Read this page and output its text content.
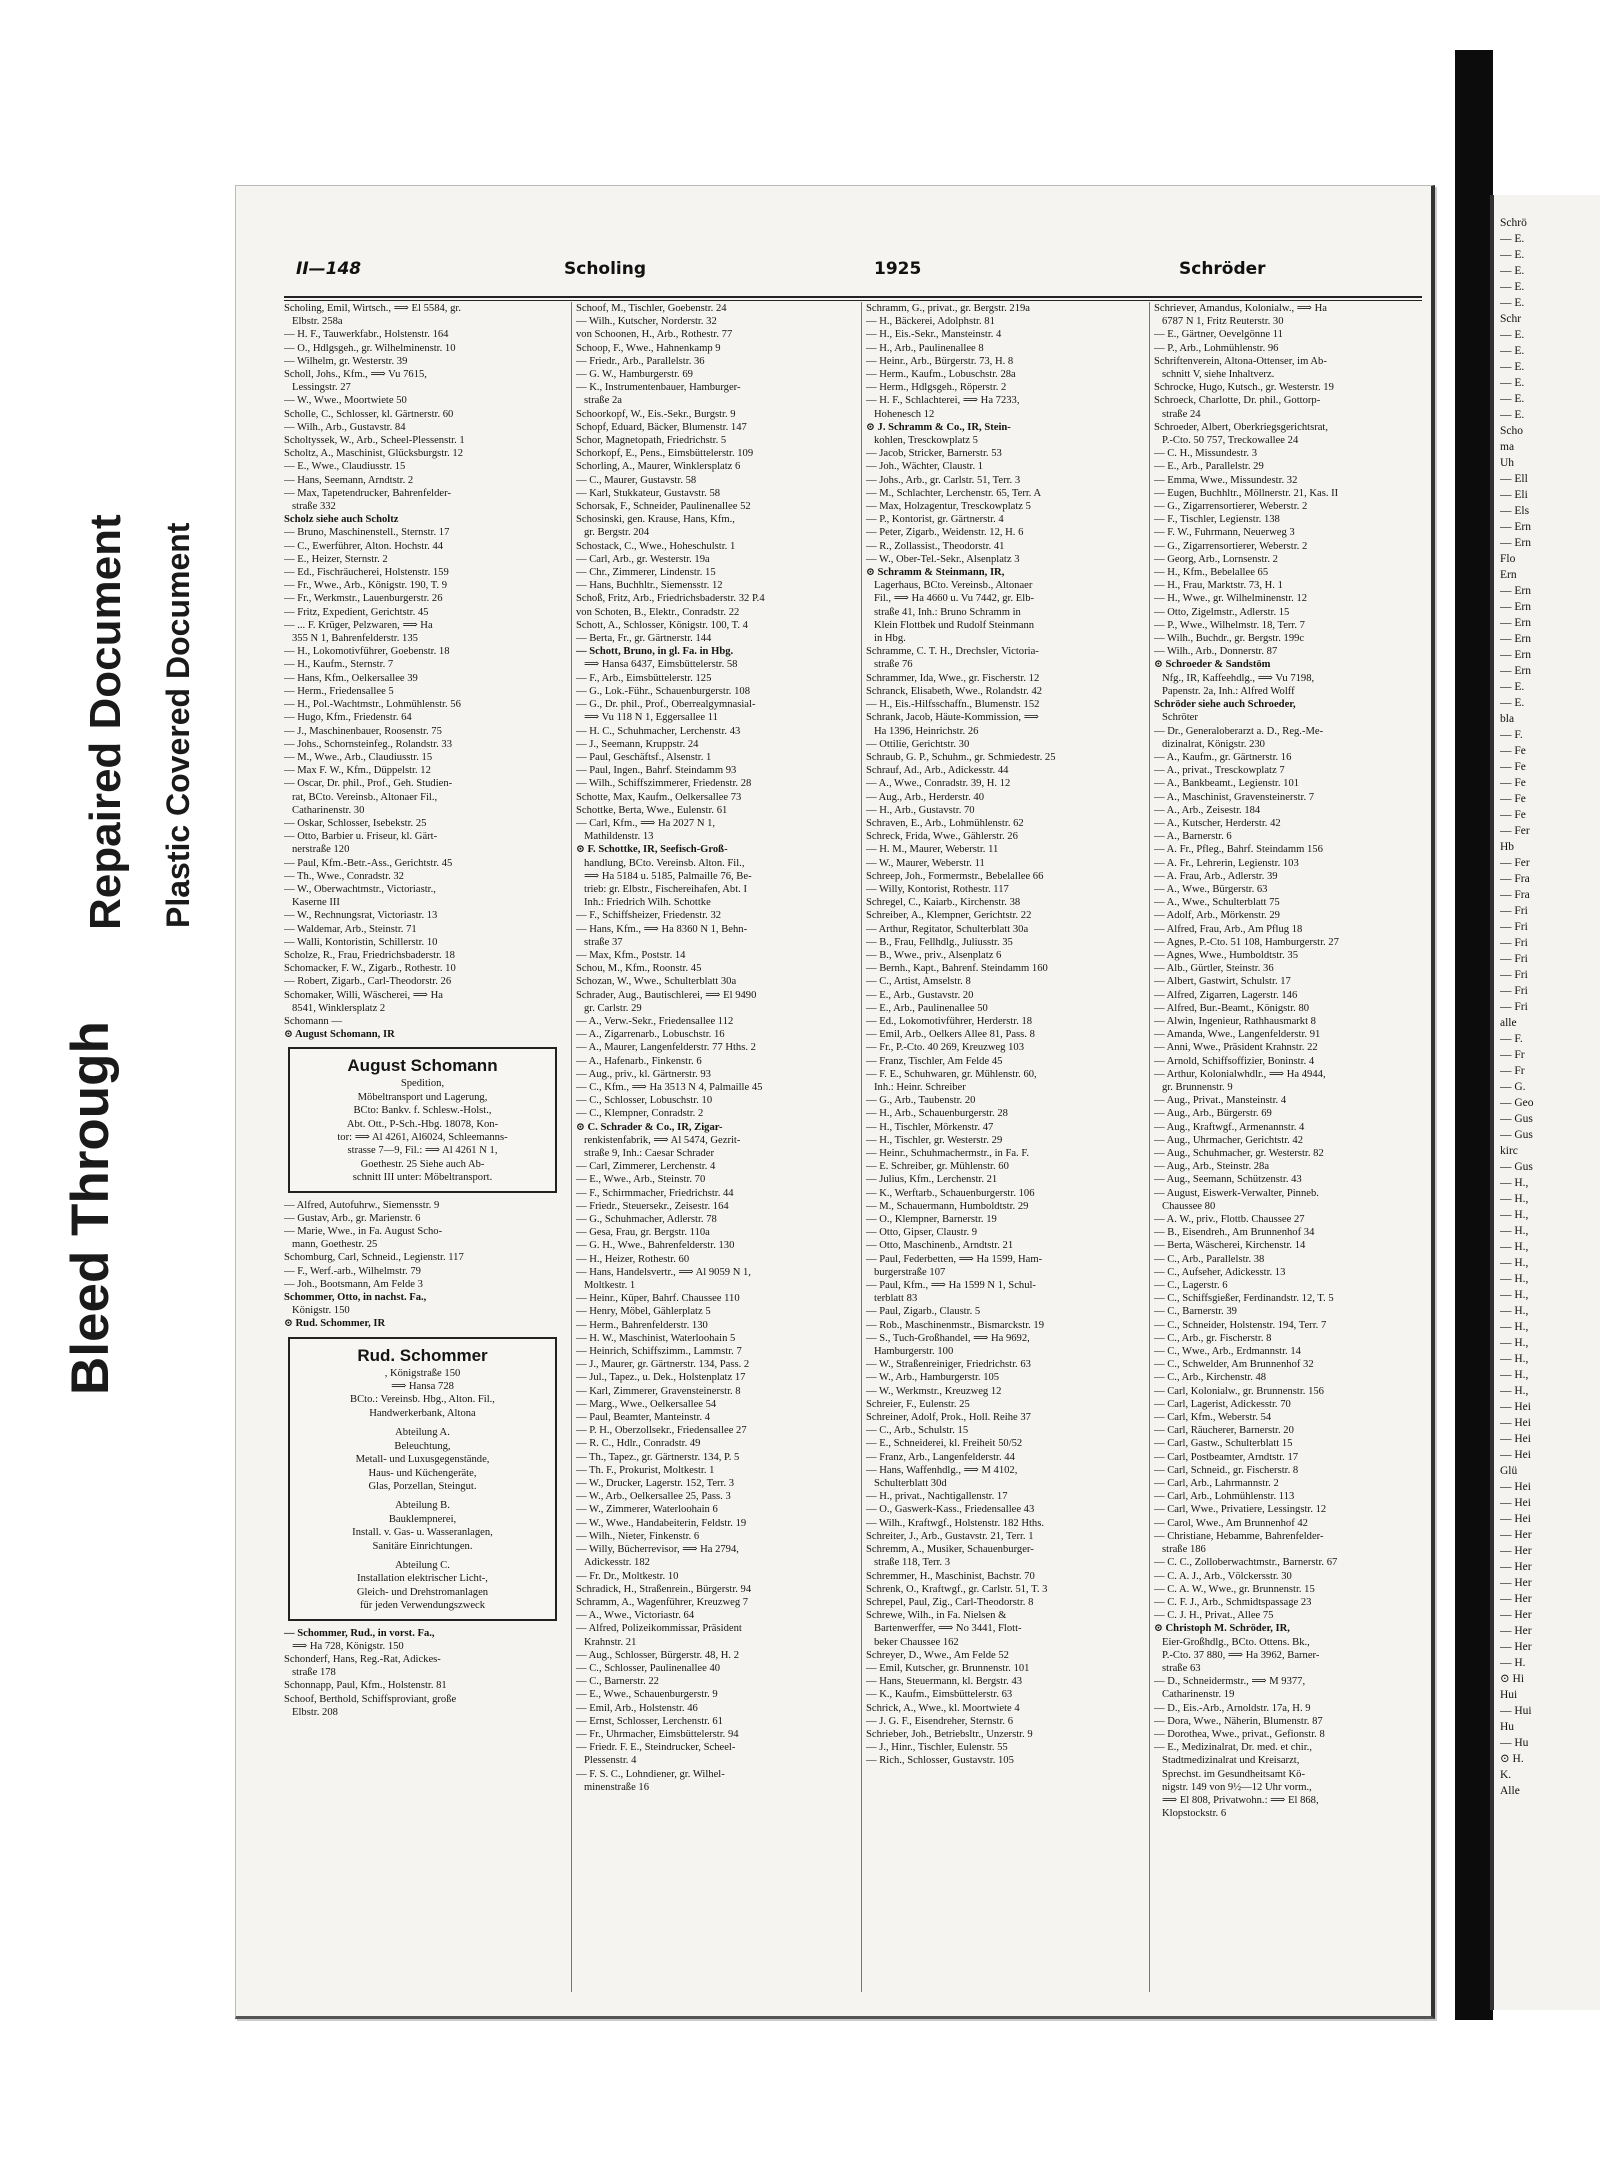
Bleed Through
Repaired Document Plastic Covered Document
II—148	Scholing	1925	Schröder
Scholing, Emil, Wirtsch., ⟹ El 5584, gr.
Elbstr. 258a
— H. F., Tauwerkfabr., Holstenstr. 164
— O., Hdlgsgeh., gr. Wilhelminenstr. 10
— Wilhelm, gr. Westerstr. 39
Scholl, Johs., Kfm., ⟹ Vu 7615,
Lessingstr. 27
— W., Wwe., Moortwiete 50
Scholle, C., Schlosser, kl. Gärtnerstr. 60
— Wilh., Arb., Gustavstr. 84
Scholtyssek, W., Arb., Scheel-Plessenstr. 1
Scholtz, A., Maschinist, Glücksburgstr. 12
— E., Wwe., Claudiusstr. 15
— Hans, Seemann, Arndtstr. 2
— Max, Tapetendrucker, Bahrenfelder-
straße 332
Scholz siehe auch Scholtz
— Bruno, Maschinenstell., Sternstr. 17
— C., Ewerführer, Alton. Hochstr. 44
— E., Heizer, Sternstr. 2
— Ed., Fischräucherei, Holstenstr. 159
— Fr., Wwe., Arb., Königstr. 190, T. 9
— Fr., Werkmstr., Lauenburgerstr. 26
— Fritz, Expedient, Gerichtstr. 45
— ... F. Krüger, Pelzwaren, ⟹ Ha
355 N 1, Bahrenfelderstr. 135
— H., Lokomotivführer, Goebenstr. 18
— H., Kaufm., Sternstr. 7
— Hans, Kfm., Oelkersallee 39
— Herm., Friedensallee 5
— H., Pol.-Wachtmstr., Lohmühlenstr. 56
— Hugo, Kfm., Friedenstr. 64
— J., Maschinenbauer, Roosenstr. 75
— Johs., Schornsteinfeg., Rolandstr. 33
— M., Wwe., Arb., Claudiusstr. 15
— Max F. W., Kfm., Düppelstr. 12
— Oscar, Dr. phil., Prof., Geh. Studien-
rat, BCto. Vereinsb., Altonaer Fil.,
Catharinenstr. 30
— Oskar, Schlosser, Isebekstr. 25
— Otto, Barbier u. Friseur, kl. Gärt-
nerstraße 120
— Paul, Kfm.-Betr.-Ass., Gerichtstr. 45
— Th., Wwe., Conradstr. 32
— W., Oberwachtmstr., Victoriastr.,
Kaserne III
— W., Rechnungsrat, Victoriastr. 13
— Waldemar, Arb., Steinstr. 71
— Walli, Kontoristin, Schillerstr. 10
Scholze, R., Frau, Friedrichsbaderstr. 18
Schomacker, F. W., Zigarb., Rothestr. 10
— Robert, Zigarb., Carl-Theodorstr. 26
Schomaker, Willi, Wäscherei, ⟹ Ha
8541, Winklersplatz 2
Schomann —
⊙ August Schomann, IR
August Schomann
Spedition,
Möbeltransport und Lagerung,
BCto: Bankv. f. Schlesw.-Holst.,
Abt. Ott., P-Sch.-Hbg. 18078, Kon-
tor: ⟹ Al 4261, Al6024, Schleemanns-
strasse 7—9, Fil.: ⟹ Al 4261 N 1,
Goethestr. 25 Siehe auch Ab-
schnitt III unter: Möbeltransport.
— Alfred, Autofuhrw., Siemensstr. 9
— Gustav, Arb., gr. Marienstr. 6
— Marie, Wwe., in Fa. August Scho-
mann, Goethestr. 25
Schomburg, Carl, Schneid., Legienstr. 117
— F., Werf.-arb., Wilhelmstr. 79
— Joh., Bootsmann, Am Felde 3
Schommer, Otto, in nachst. Fa.,
Königstr. 150
⊙ Rud. Schommer, IR
Rud. Schommer
, Königstraße 150
⟹ Hansa 728
BCto.: Vereinsb. Hbg., Alton. Fil.,
Handwerkerbank, Altona
Abteilung A.
Beleuchtung,
Metall- und Luxusgegenstände,
Haus- und Küchengeräte,
Glas, Porzellan, Steingut.
Abteilung B.
Bauklempnerei,
Install. v. Gas- u. Wasseranlagen,
Sanitäre Einrichtungen.
Abteilung C.
Installation elektrischer Licht-,
Gleich- und Drehstromanlagen
für jeden Verwendungszweck
— Schommer, Rud., in vorst. Fa.,
⟹ Ha 728, Königstr. 150
Schonderf, Hans, Reg.-Rat, Adickes-
straße 178
Schonnapp, Paul, Kfm., Holstenstr. 81
Schoof, Berthold, Schiffsproviant, große
Elbstr. 208
Schoof, M., Tischler, Goebenstr. 24
— Wilh., Kutscher, Norderstr. 32
von Schoonen, H., Arb., Rothestr. 77
Schoop, F., Wwe., Hahnenkamp 9
— Friedr., Arb., Parallelstr. 36
— G. W., Hamburgerstr. 69
— K., Instrumentenbauer, Hamburger-
straße 2a
Schoorkopf, W., Eis.-Sekr., Burgstr. 9
Schopf, Eduard, Bäcker, Blumenstr. 147
Schor, Magnetopath, Friedrichstr. 5
Schorkopf, E., Pens., Eimsbüttelerstr. 109
Schorling, A., Maurer, Winklersplatz 6
— C., Maurer, Gustavstr. 58
— Karl, Stukkateur, Gustavstr. 58
Schorsak, F., Schneider, Paulinenallee 52
Schosinski, gen. Krause, Hans, Kfm.,
gr. Bergstr. 204
Schostack, C., Wwe., Hoheschulstr. 1
— Carl, Arb., gr. Westerstr. 19a
— Chr., Zimmerer, Lindenstr. 15
— Hans, Buchhltr., Siemensstr. 12
Schoß, Fritz, Arb., Friedrichsbaderstr. 32 P.4
von Schoten, B., Elektr., Conradstr. 22
Schott, A., Schlosser, Königstr. 100, T. 4
— Berta, Fr., gr. Gärtnerstr. 144
— Schott, Bruno, in gl. Fa. in Hbg.
⟹ Hansa 6437, Eimsbüttelerstr. 58
— F., Arb., Eimsbüttelerstr. 125
— G., Lok.-Führ., Schauenburgerstr. 108
— G., Dr. phil., Prof., Oberrealgymnasial-
⟹ Vu 118 N 1, Eggersallee 11
— H. C., Schuhmacher, Lerchenstr. 43
— J., Seemann, Kruppstr. 24
— Paul, Geschäftsf., Alsenstr. 1
— Paul, Ingen., Bahrf. Steindamm 93
— Wilh., Schiffszimmerer, Friedenstr. 28
Schotte, Max, Kaufm., Oelkersallee 73
Schottke, Berta, Wwe., Eulenstr. 61
— Carl, Kfm., ⟹ Ha 2027 N 1,
Mathildenstr. 13
⊙ F. Schottke, IR, Seefisch-Groß-
handlung, BCto. Vereinsb. Alton. Fil.,
⟹ Ha 5184 u. 5185, Palmaille 76, Be-
trieb: gr. Elbstr., Fischereihafen, Abt. I
Inh.: Friedrich Wilh. Schottke
— F., Schiffsheizer, Friedenstr. 32
— Hans, Kfm., ⟹ Ha 8360 N 1, Behn-
straße 37
— Max, Kfm., Poststr. 14
Schou, M., Kfm., Roonstr. 45
Schozan, W., Wwe., Schulterblatt 30a
Schrader, Aug., Bautischlerei, ⟹ El 9490
gr. Carlstr. 29
— A., Verw.-Sekr., Friedensallee 112
— A., Zigarrenarb., Lobuschstr. 16
— A., Maurer, Langenfelderstr. 77 Hths. 2
— A., Hafenarb., Finkenstr. 6
— Aug., priv., kl. Gärtnerstr. 93
— C., Kfm., ⟹ Ha 3513 N 4, Palmaille 45
— C., Schlosser, Lobuschstr. 10
— C., Klempner, Conradstr. 2
⊙ C. Schrader & Co., IR, Zigar-
renkistenfabrik, ⟹ Al 5474, Gezrit-
straße 9, Inh.: Caesar Schrader
— Carl, Zimmerer, Lerchenstr. 4
— E., Wwe., Arb., Steinstr. 70
— F., Schirmmacher, Friedrichstr. 44
— Friedr., Steuersekr., Zeisestr. 164
— G., Schuhmacher, Adlerstr. 78
— Gesa, Frau, gr. Bergstr. 110a
— G. H., Wwe., Bahrenfelderstr. 130
— H., Heizer, Rothestr. 60
— Hans, Handelsvertr., ⟹ Al 9059 N 1,
Moltkestr. 1
— Heinr., Küper, Bahrf. Chaussee 110
— Henry, Möbel, Gählerplatz 5
— Herm., Bahrenfelderstr. 130
— H. W., Maschinist, Waterloohain 5
— Heinrich, Schiffszimm., Lammstr. 7
— J., Maurer, gr. Gärtnerstr. 134, Pass. 2
— Jul., Tapez., u. Dek., Holstenplatz 17
— Karl, Zimmerer, Gravensteinerstr. 8
— Marg., Wwe., Oelkersallee 54
— Paul, Beamter, Manteinstr. 4
— P. H., Oberzollsekr., Friedensallee 27
— R. C., Hdlr., Conradstr. 49
— Th., Tapez., gr. Gärtnerstr. 134, P. 5
— Th. F., Prokurist, Moltkestr. 1
— W., Drucker, Lagerstr. 152, Terr. 3
— W., Arb., Oelkersallee 25, Pass. 3
— W., Zimmerer, Waterloohain 6
— W., Wwe., Handabeiterin, Feldstr. 19
— Wilh., Nieter, Finkenstr. 6
— Willy, Bücherrevisor, ⟹ Ha 2794,
Adickesstr. 182
— Fr. Dr., Moltkestr. 10
Schradick, H., Straßenrein., Bürgerstr. 94
Schramm, A., Wagenführer, Kreuzweg 7
— A., Wwe., Victoriastr. 64
— Alfred, Polizeikommissar, Präsident
Krahnstr. 21
— Aug., Schlosser, Bürgerstr. 48, H. 2
— C., Schlosser, Paulinenallee 40
— C., Barnerstr. 22
— E., Wwe., Schauenburgerstr. 9
— Emil, Arb., Holstenstr. 46
— Ernst, Schlosser, Lerchenstr. 61
— Fr., Uhrmacher, Eimsbüttelerstr. 94
— Friedr. F. E., Steindrucker, Scheel-
Plessenstr. 4
— F. S. C., Lohndiener, gr. Wilhel-
minenstraße 16
Schramm, G., privat., gr. Bergstr. 219a
— H., Bäckerei, Adolphstr. 81
— H., Eis.-Sekr., Mansteinstr. 4
— H., Arb., Paulinenallee 8
— Heinr., Arb., Bürgerstr. 73, H. 8
— Herm., Kaufm., Lobuschstr. 28a
— Herm., Hdlgsgeh., Röperstr. 2
— H. F., Schlachterei, ⟹ Ha 7233,
Hohenesch 12
⊙ J. Schramm & Co., IR, Stein-
kohlen, Tresckowplatz 5
— Jacob, Stricker, Barnerstr. 53
— Joh., Wächter, Claustr. 1
— Johs., Arb., gr. Carlstr. 51, Terr. 3
— M., Schlachter, Lerchenstr. 65, Terr. A
— Max, Holzagentur, Tresckowplatz 5
— P., Kontorist, gr. Gärtnerstr. 4
— Peter, Zigarb., Weidenstr. 12, H. 6
— R., Zollassist., Theodorstr. 41
— W., Ober-Tel.-Sekr., Alsenplatz 3
⊙ Schramm & Steinmann, IR,
Lagerhaus, BCto. Vereinsb., Altonaer
Fil., ⟹ Ha 4660 u. Vu 7442, gr. Elb-
straße 41, Inh.: Bruno Schramm in
Klein Flottbek und Rudolf Steinmann
in Hbg.
Schramme, C. T. H., Drechsler, Victoria-
straße 76
Schrammer, Ida, Wwe., gr. Fischerstr. 12
Schranck, Elisabeth, Wwe., Rolandstr. 42
— H., Eis.-Hilfsschaffn., Blumenstr. 152
Schrank, Jacob, Häute-Kommission, ⟹
Ha 1396, Heinrichstr. 26
— Ottilie, Gerichtstr. 30
Schraub, G. P., Schuhm., gr. Schmiedestr. 25
Schrauf, Ad., Arb., Adickesstr. 44
— A., Wwe., Conradstr. 39, H. 12
— Aug., Arb., Herderstr. 40
— H., Arb., Gustavstr. 70
Schraven, E., Arb., Lohmühlenstr. 62
Schreck, Frida, Wwe., Gählerstr. 26
— H. M., Maurer, Weberstr. 11
— W., Maurer, Weberstr. 11
Schreep, Joh., Formermstr., Bebelallee 66
— Willy, Kontorist, Rothestr. 117
Schregel, C., Kaiarb., Kirchenstr. 38
Schreiber, A., Klempner, Gerichtstr. 22
— Arthur, Regitator, Schulterblatt 30a
— B., Frau, Fellhdlg., Juliusstr. 35
— B., Wwe., priv., Alsenplatz 6
— Bernh., Kapt., Bahrenf. Steindamm 160
— C., Artist, Amselstr. 8
— E., Arb., Gustavstr. 20
— E., Arb., Paulinenallee 50
— Ed., Lokomotivführer, Herderstr. 18
— Emil, Arb., Oelkers Allee 81, Pass. 8
— Fr., P.-Cto. 40 269, Kreuzweg 103
— Franz, Tischler, Am Felde 45
— F. E., Schuhwaren, gr. Mühlenstr. 60,
Inh.: Heinr. Schreiber
— G., Arb., Taubenstr. 20
— H., Arb., Schauenburgerstr. 28
— H., Tischler, Mörkenstr. 47
— H., Tischler, gr. Westerstr. 29
— Heinr., Schuhmachermstr., in Fa. F.
— E. Schreiber, gr. Mühlenstr. 60
— Julius, Kfm., Lerchenstr. 21
— K., Werftarb., Schauenburgerstr. 106
— M., Schauermann, Humboldtstr. 29
— O., Klempner, Barnerstr. 19
— Otto, Gipser, Claustr. 9
— Otto, Maschinenb., Arndtstr. 21
— Paul, Federbetten, ⟹ Ha 1599, Ham-
burgerstraße 107
— Paul, Kfm., ⟹ Ha 1599 N 1, Schul-
terblatt 83
— Paul, Zigarb., Claustr. 5
— Rob., Maschinenmstr., Bismarckstr. 19
— S., Tuch-Großhandel, ⟹ Ha 9692,
Hamburgerstr. 100
— W., Straßenreiniger, Friedrichstr. 63
— W., Arb., Hamburgerstr. 105
— W., Werkmstr., Kreuzweg 12
Schreier, F., Eulenstr. 25
Schreiner, Adolf, Prok., Holl. Reihe 37
— C., Arb., Schulstr. 15
— E., Schneiderei, kl. Freiheit 50/52
— Franz, Arb., Langenfelderstr. 44
— Hans, Waffenhdlg., ⟹ M 4102,
Schulterblatt 30d
— H., privat., Nachtigallenstr. 17
— O., Gaswerk-Kass., Friedensallee 43
— Wilh., Kraftwgf., Holstenstr. 182 Hths.
Schreiter, J., Arb., Gustavstr. 21, Terr. 1
Schremm, A., Musiker, Schauenburger-
straße 118, Terr. 3
Schremmer, H., Maschinist, Bachstr. 70
Schrenk, O., Kraftwgf., gr. Carlstr. 51, T. 3
Schrepel, Paul, Zig., Carl-Theodorstr. 8
Schrewe, Wilh., in Fa. Nielsen &
Bartenwerffer, ⟹ No 3441, Flott-
beker Chaussee 162
Schreyer, D., Wwe., Am Felde 52
— Emil, Kutscher, gr. Brunnenstr. 101
— Hans, Steuermann, kl. Bergstr. 43
— K., Kaufm., Eimsbüttelerstr. 63
Schrick, A., Wwe., kl. Moortwiete 4
— J. G. F., Eisendreher, Sternstr. 6
Schrieber, Joh., Betriebsltr., Unzerstr. 9
— J., Hinr., Tischler, Eulenstr. 55
— Rich., Schlosser, Gustavstr. 105
Schriever, Amandus, Kolonialw., ⟹ Ha
6787 N 1, Fritz Reuterstr. 30
— E., Gärtner, Oevelgönne 11
— P., Arb., Lohmühlenstr. 96
Schriftenverein, Altona-Ottenser, im Ab-
schnitt V, siehe Inhaltverz.
Schrocke, Hugo, Kutsch., gr. Westerstr. 19
Schroeck, Charlotte, Dr. phil., Gottorp-
straße 24
Schroeder, Albert, Oberkriegsgerichtsrat,
P.-Cto. 50 757, Treckowallee 24
— C. H., Missundestr. 3
— E., Arb., Parallelstr. 29
— Emma, Wwe., Missundestr. 32
— Eugen, Buchhltr., Möllnerstr. 21, Kas. II
— G., Zigarrensortierer, Weberstr. 2
— F., Tischler, Legienstr. 138
— F. W., Fuhrmann, Neuerweg 3
— G., Zigarrensortierer, Weberstr. 2
— Georg, Arb., Lornsenstr. 2
— H., Kfm., Bebelallee 65
— H., Frau, Marktstr. 73, H. 1
— H., Wwe., gr. Wilhelminenstr. 12
— Otto, Zigelmstr., Adlerstr. 15
— P., Wwe., Wilhelmstr. 18, Terr. 7
— Wilh., Buchdr., gr. Bergstr. 199c
— Wilh., Arb., Donnerstr. 87
⊙ Schroeder & Sandstöm
Nfg., IR, Kaffeehdlg., ⟹ Vu 7198,
Papenstr. 2a, Inh.: Alfred Wolff
Schröder siehe auch Schroeder,
Schröter
— Dr., Generaloberarzt a. D., Reg.-Me-
dizinalrat, Königstr. 230
— A., Kaufm., gr. Gärtnerstr. 16
— A., privat., Tresckowplatz 7
— A., Bankbeamt., Legienstr. 101
— A., Maschinist, Gravensteinerstr. 7
— A., Arb., Zeisestr. 184
— A., Kutscher, Herderstr. 42
— A., Barnerstr. 6
— A. Fr., Pfleg., Bahrf. Steindamm 156
— A. Fr., Lehrerin, Legienstr. 103
— A. Frau, Arb., Adlerstr. 39
— A., Wwe., Bürgerstr. 63
— A., Wwe., Schulterblatt 75
— Adolf, Arb., Mörkenstr. 29
— Alfred, Frau, Arb., Am Pflug 18
— Agnes, P.-Cto. 51 108, Hamburgerstr. 27
— Agnes, Wwe., Humboldtstr. 35
— Alb., Gürtler, Steinstr. 36
— Albert, Gastwirt, Schulstr. 17
— Alfred, Zigarren, Lagerstr. 146
— Alfred, Bur.-Beamt., Königstr. 80
— Alwin, Ingenieur, Rathhausmarkt 8
— Amanda, Wwe., Langenfelderstr. 91
— Anni, Wwe., Präsident Krahnstr. 22
— Arnold, Schiffsoffizier, Boninstr. 4
— Arthur, Kolonialwhdlr., ⟹ Ha 4944,
gr. Brunnenstr. 9
— Aug., Privat., Mansteinstr. 4
— Aug., Arb., Bürgerstr. 69
— Aug., Kraftwgf., Armenannstr. 4
— Aug., Uhrmacher, Gerichtstr. 42
— Aug., Schuhmacher, gr. Westerstr. 82
— Aug., Arb., Steinstr. 28a
— Aug., Seemann, Schützenstr. 43
— August, Eiswerk-Verwalter, Pinneb.
Chaussee 80
— A. W., priv., Flottb. Chaussee 27
— B., Eisendreh., Am Brunnenhof 34
— Berta, Wäscherei, Kirchenstr. 14
— C., Arb., Parallelstr. 38
— C., Aufseher, Adickesstr. 13
— C., Lagerstr. 6
— C., Schiffsgießer, Ferdinandstr. 12, T. 5
— C., Barnerstr. 39
— C., Schneider, Holstenstr. 194, Terr. 7
— C., Arb., gr. Fischerstr. 8
— C., Wwe., Arb., Erdmannstr. 14
— C., Schwelder, Am Brunnenhof 32
— C., Arb., Kirchenstr. 48
— Carl, Kolonialw., gr. Brunnenstr. 156
— Carl, Lagerist, Adickesstr. 70
— Carl, Kfm., Weberstr. 54
— Carl, Räucherer, Barnerstr. 20
— Carl, Gastw., Schulterblatt 15
— Carl, Postbeamter, Arndtstr. 17
— Carl, Schneid., gr. Fischerstr. 8
— Carl, Arb., Lahrmannstr. 2
— Carl, Arb., Lohmühlenstr. 113
— Carl, Wwe., Privatiere, Lessingstr. 12
— Carol, Wwe., Am Brunnenhof 42
— Christiane, Hebamme, Bahrenfelder-
straße 186
— C. C., Zolloberwachtmstr., Barnerstr. 67
— C. A. J., Arb., Völckersstr. 30
— C. A. W., Wwe., gr. Brunnenstr. 15
— C. F. J., Arb., Schmidtspassage 23
— C. J. H., Privat., Allee 75
⊙ Christoph M. Schröder, IR,
Eier-Großhdlg., BCto. Ottens. Bk.,
P.-Cto. 37 880, ⟹ Ha 3962, Barner-
straße 63
— D., Schneidermstr., ⟹ M 9377,
Catharinenstr. 19
— D., Eis.-Arb., Arnoldstr. 17a, H. 9
— Dora, Wwe., Näherin, Blumenstr. 87
— Dorothea, Wwe., privat., Gefionstr. 8
— E., Medizinalrat, Dr. med. et chir.,
Stadtmedizinalrat und Kreisarzt,
Sprechst. im Gesundheitsamt Kö-
nigstr. 149 von 9½—12 Uhr vorm.,
⟹ El 808, Privatwohn.: ⟹ El 868,
Klopstockstr. 6
Schrö
— E.
— E.
— E.
— E.
— E.
Schr
— E.
— E.
— E.
— E.
— E.
— E.
Scho
ma
Uh
— Ell
— Eli
— Els
— Ern
— Ern
Flo
Ern
— Ern
— Ern
— Ern
— Ern
— Ern
— Ern
— E.
— E.
bla
— F.
— Fe
— Fe
— Fe
— Fe
— Fe
— Fer
Hb
— Fer
— Fra
— Fra
— Fri
— Fri
— Fri
— Fri
— Fri
— Fri
— Fri
alle
— F.
— Fr
— Fr
— G.
— Geo
— Gus
— Gus
kirc
— Gus
— H.,
— H.,
— H.,
— H.,
— H.,
— H.,
— H.,
— H.,
— H.,
— H.,
— H.,
— H.,
— H.,
— H.,
— Hei
— Hei
— Hei
— Hei
Glü
— Hei
— Hei
— Hei
— Her
— Her
— Her
— Her
— Her
— Her
— Her
— Her
— H.
⊙ Hi
Hui
— Hui
Hu
— Hu
⊙ H.
K.
Alle
